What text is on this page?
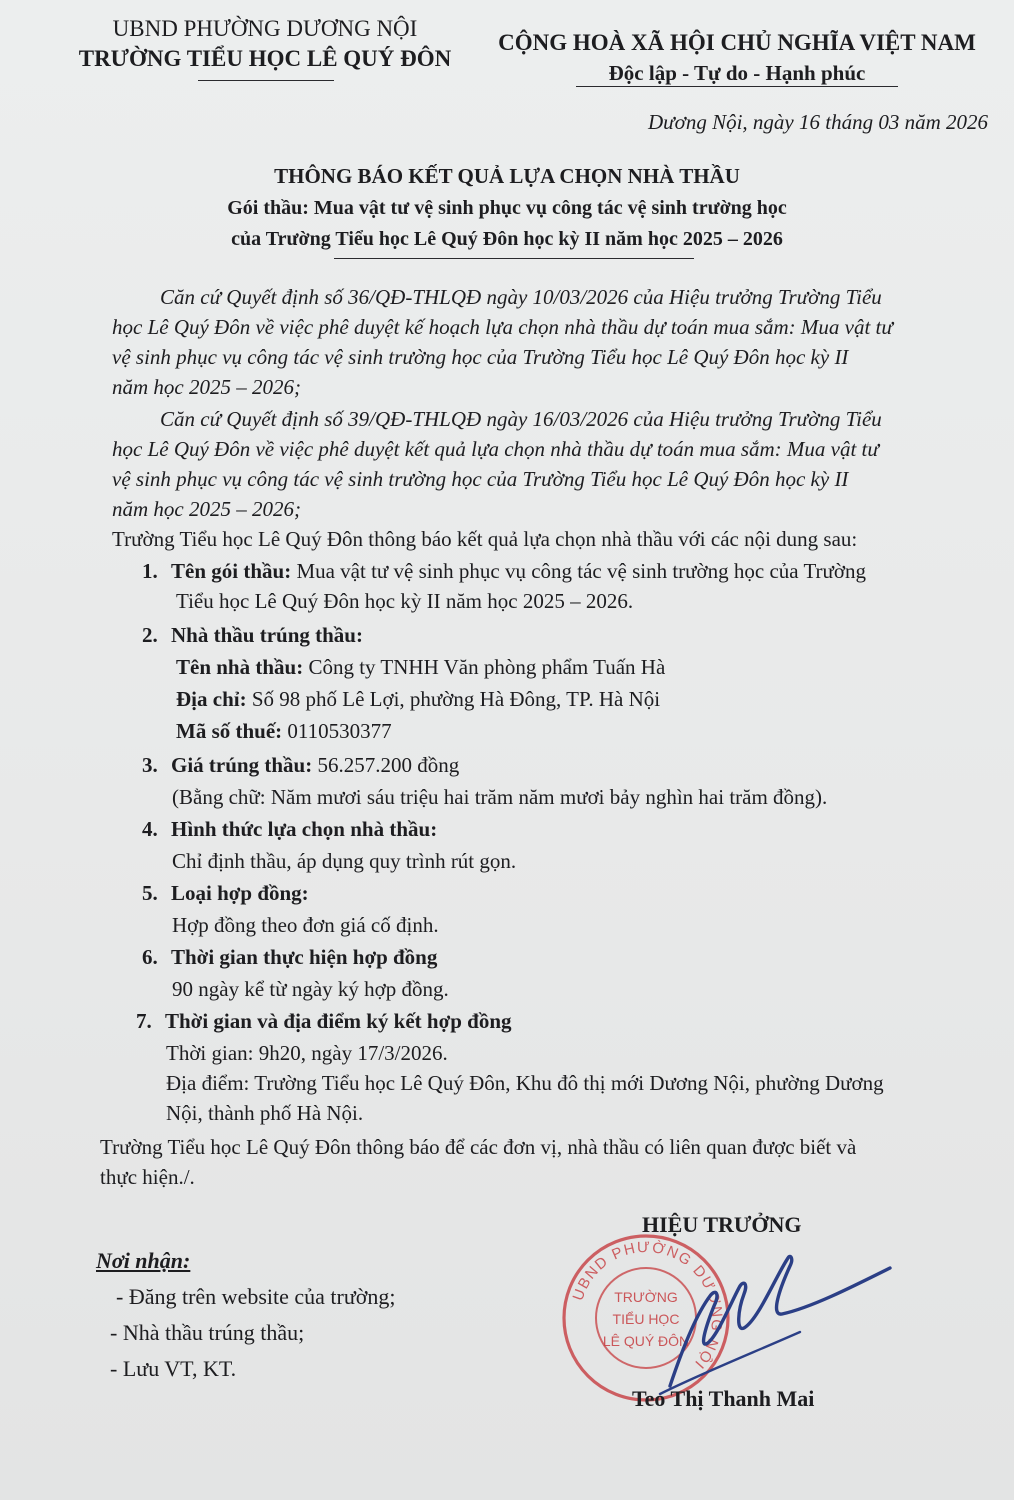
UBND PHƯỜNG DƯƠNG NỘI
TRƯỜNG TIỂU HỌC LÊ QUÝ ĐÔN
CỘNG HOÀ XÃ HỘI CHỦ NGHĨA VIỆT NAM
Độc lập - Tự do - Hạnh phúc
Dương Nội, ngày 16 tháng 03 năm 2026
THÔNG BÁO KẾT QUẢ LỰA CHỌN NHÀ THẦU
Gói thầu: Mua vật tư vệ sinh phục vụ công tác vệ sinh trường học
của Trường Tiểu học Lê Quý Đôn học kỳ II năm học 2025 – 2026
Căn cứ Quyết định số 36/QĐ-THLQĐ ngày 10/03/2026 của Hiệu trưởng Trường Tiểu
học Lê Quý Đôn về việc phê duyệt kế hoạch lựa chọn nhà thầu dự toán mua sắm: Mua vật tư
vệ sinh phục vụ công tác vệ sinh trường học của Trường Tiểu học Lê Quý Đôn học kỳ II
năm học 2025 – 2026;
Căn cứ Quyết định số 39/QĐ-THLQĐ ngày 16/03/2026 của Hiệu trưởng Trường Tiểu
học Lê Quý Đôn về việc phê duyệt kết quả lựa chọn nhà thầu dự toán mua sắm: Mua vật tư
vệ sinh phục vụ công tác vệ sinh trường học của Trường Tiểu học Lê Quý Đôn học kỳ II
năm học 2025 – 2026;
Trường Tiểu học Lê Quý Đôn thông báo kết quả lựa chọn nhà thầu với các nội dung sau:
1. Tên gói thầu: Mua vật tư vệ sinh phục vụ công tác vệ sinh trường học của Trường
Tiểu học Lê Quý Đôn học kỳ II năm học 2025 – 2026.
2. Nhà thầu trúng thầu:
Tên nhà thầu: Công ty TNHH Văn phòng phẩm Tuấn Hà
Địa chỉ: Số 98 phố Lê Lợi, phường Hà Đông, TP. Hà Nội
Mã số thuế: 0110530377
3. Giá trúng thầu: 56.257.200 đồng
(Bằng chữ: Năm mươi sáu triệu hai trăm năm mươi bảy nghìn hai trăm đồng).
4. Hình thức lựa chọn nhà thầu:
Chỉ định thầu, áp dụng quy trình rút gọn.
5. Loại hợp đồng:
Hợp đồng theo đơn giá cố định.
6. Thời gian thực hiện hợp đồng
90 ngày kể từ ngày ký hợp đồng.
7. Thời gian và địa điểm ký kết hợp đồng
Thời gian: 9h20, ngày 17/3/2026.
Địa điểm: Trường Tiểu học Lê Quý Đôn, Khu đô thị mới Dương Nội, phường Dương
Nội, thành phố Hà Nội.
Trường Tiểu học Lê Quý Đôn thông báo để các đơn vị, nhà thầu có liên quan được biết và
thực hiện./.
Nơi nhận:
- Đăng trên website của trường;
- Nhà thầu trúng thầu;
- Lưu VT, KT.
HIỆU TRƯỞNG
UBND PHƯỜNG DƯƠNG NỘI
TRƯỜNG
TIỂU HỌC
LÊ QUÝ ĐÔN
Teo Thị Thanh Mai
